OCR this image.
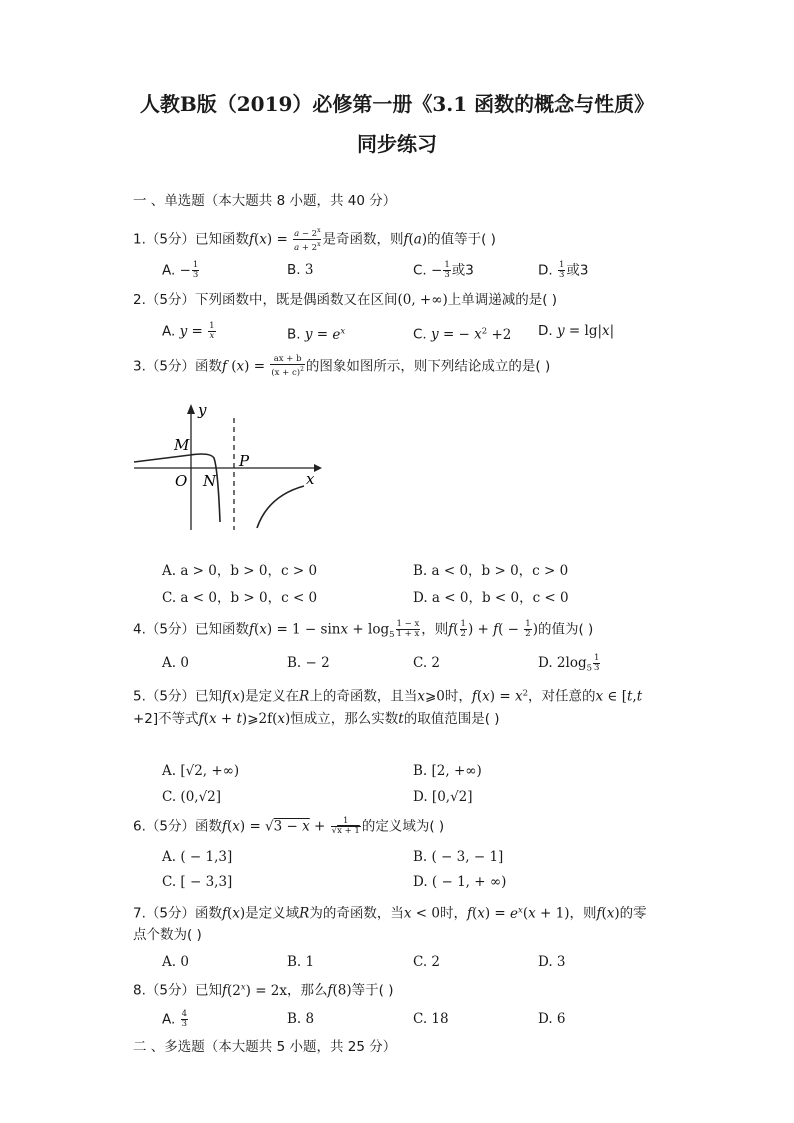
人教B版（2019）必修第一册《3.1 函数的概念与性质》
同步练习
一 、单选题（本大题共 8 小题，共 40 分）
1.（5分）已知函数$f(x) = \frac{a - 2^x}{a + 2^x}$ 是奇函数，则f(a)的值等于( )
A. − $\frac{1}{3}$	B. 3	C. − $\frac{1}{3}$ 或3	D. $\frac{1}{3}$ 或3
2.（5分）下列函数中，既是偶函数又在区间(0, +∞)上单调递减的是( )
A. $y = \frac{1}{x}$	B. $y = e^x$	C. y = − $x^2 +2$ D. y = lg|x|
3.（5分）函数f $(x) = \frac{ax + b}{(x + c)^2}$ 的图象如图所示，则下列结论成立的是( )
y
x
M
O N
P
A. a > 0，b > 0，c > 0	B. a < 0，b > 0，c > 0
C. a < 0，b > 0，c < 0	D. a < 0，b < 0，c < 0
4.（5分）已知函数$f(x) = 1 - \sin x + \log_5 \frac{1 - x}{1 + x}$ ，则$f( \frac{1}{2}$ ) + $f( - \frac{1}{2}$ )的值为( )
A. 0	B. − 2	C. 2	D. $2\log_5 \frac{1}{3}$
5.（5分）已知f(x)是定义在R上的奇函数，且当x⩾0时，$f(x) = x^2$，对任意的x ∈ [t,t
+2]不等式f(x + t)⩾2f(x)恒成立，那么实数t的取值范围是( )
A. [√2, +∞)	B. [2, +∞)
C. (0,√2]	D. [0,√2]
6.（5分）函数$f(x) = √3 - \overline{x} + \frac{1}{√x + 1}$ 的定义域为( )
A. ( − 1,3]	B. ( − 3, − 1]
C. [ − 3,3]	D. ( − 1, + ∞)
7.（5分）函数f(x)是定义域R为的奇函数，当x < 0时，$f(x) = e^x(x + 1)$，则f(x)的零
点个数为( )
A. 0	B. 1	C. 2	D. 3
8.（5分）已知$f(2^x) = 2x$，那么f(8)等于( )
A. $\frac{4}{3}$	B. 8	C. 18	D. 6
二 、多选题（本大题共 5 小题，共 25 分）
